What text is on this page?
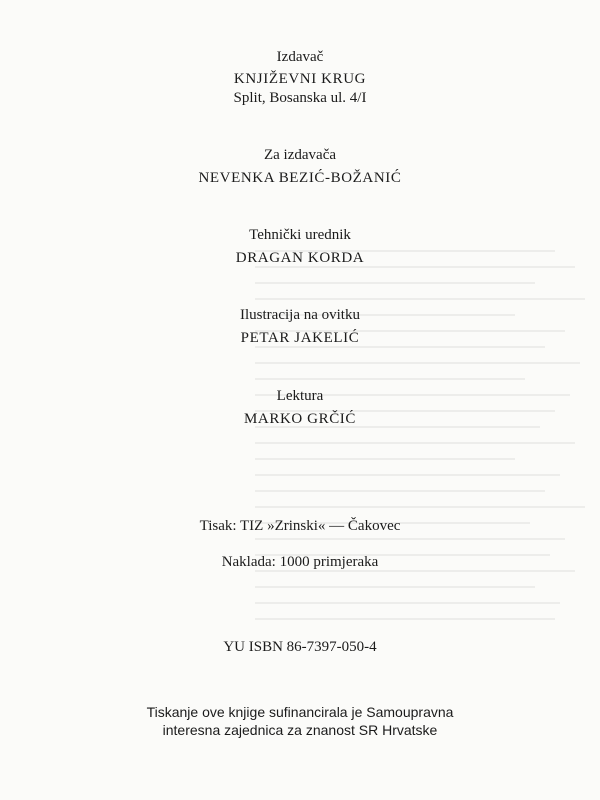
Izdavač
KNJIŽEVNI KRUG
Split, Bosanska ul. 4/I
Za izdavača
NEVENKA BEZIĆ-BOŽANIĆ
Tehnički urednik
DRAGAN KORDA
Ilustracija na ovitku
PETAR JAKELIĆ
Lektura
MARKO GRČIĆ
Tisak: TIZ »Zrinski« — Čakovec
Naklada: 1000 primjeraka
YU ISBN 86-7397-050-4
Tiskanje ove knjige sufinancirala je Samoupravna
interesna zajednica za znanost SR Hrvatske
